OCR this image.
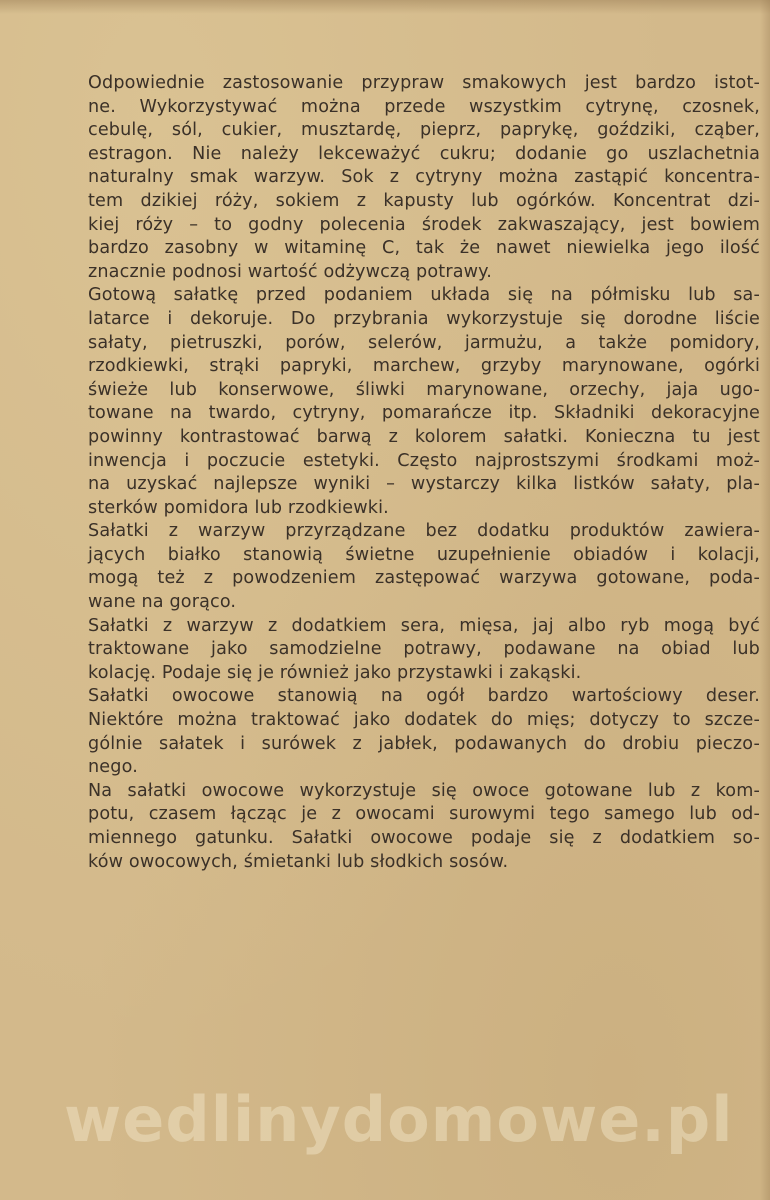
Odpowiednie zastosowanie przypraw smakowych jest bardzo istot-
ne. Wykorzystywać można przede wszystkim cytrynę, czosnek,
cebulę, sól, cukier, musztardę, pieprz, paprykę, goździki, cząber,
estragon. Nie należy lekceważyć cukru; dodanie go uszlachetnia
naturalny smak warzyw. Sok z cytryny można zastąpić koncentra-
tem dzikiej róży, sokiem z kapusty lub ogórków. Koncentrat dzi-
kiej róży – to godny polecenia środek zakwaszający, jest bowiem
bardzo zasobny w witaminę C, tak że nawet niewielka jego ilość
znacznie podnosi wartość odżywczą potrawy.

Gotową sałatkę przed podaniem układa się na półmisku lub sa-
latarce i dekoruje. Do przybrania wykorzystuje się dorodne liście
sałaty, pietruszki, porów, selerów, jarmużu, a także pomidory,
rzodkiewki, strąki papryki, marchew, grzyby marynowane, ogórki
świeże lub konserwowe, śliwki marynowane, orzechy, jaja ugo-
towane na twardo, cytryny, pomarańcze itp. Składniki dekoracyjne
powinny kontrastować barwą z kolorem sałatki. Konieczna tu jest
inwencja i poczucie estetyki. Często najprostszymi środkami moż-
na uzyskać najlepsze wyniki – wystarczy kilka listków sałaty, pla-
sterków pomidora lub rzodkiewki.

Sałatki z warzyw przyrządzane bez dodatku produktów zawiera-
jących białko stanowią świetne uzupełnienie obiadów i kolacji,
mogą też z powodzeniem zastępować warzywa gotowane, poda-
wane na gorąco.

Sałatki z warzyw z dodatkiem sera, mięsa, jaj albo ryb mogą być
traktowane jako samodzielne potrawy, podawane na obiad lub
kolację. Podaje się je również jako przystawki i zakąski.

Sałatki owocowe stanowią na ogół bardzo wartościowy deser.
Niektóre można traktować jako dodatek do mięs; dotyczy to szcze-
gólnie sałatek i surówek z jabłek, podawanych do drobiu pieczo-
nego.

Na sałatki owocowe wykorzystuje się owoce gotowane lub z kom-
potu, czasem łącząc je z owocami surowymi tego samego lub od-
miennego gatunku. Sałatki owocowe podaje się z dodatkiem so-
ków owocowych, śmietanki lub słodkich sosów.

wedlinydomowe.pl
